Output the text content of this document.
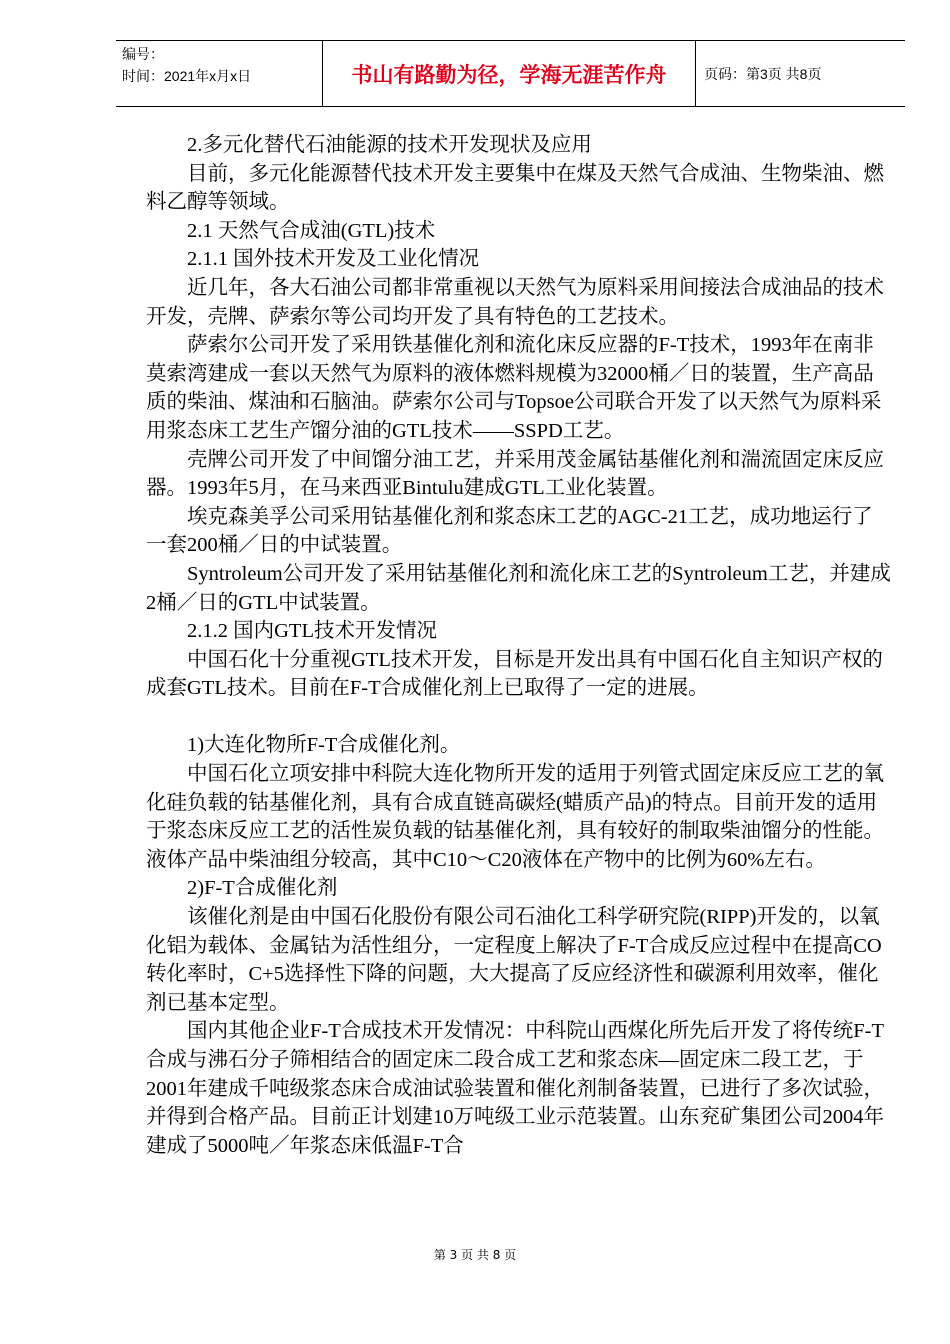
编号：
时间：2021年x月x日	书山有路勤为径，学海无涯苦作舟	页码：第3页 共8页

2.多元化替代石油能源的技术开发现状及应用

目前，多元化能源替代技术开发主要集中在煤及天然气合成油、生物柴油、燃料乙醇等领域。

2.1 天然气合成油(GTL)技术

2.1.1 国外技术开发及工业化情况

近几年，各大石油公司都非常重视以天然气为原料采用间接法合成油品的技术开发，壳牌、萨索尔等公司均开发了具有特色的工艺技术。

萨索尔公司开发了采用铁基催化剂和流化床反应器的F-T技术，1993年在南非莫索湾建成一套以天然气为原料的液体燃料规模为32000桶／日的装置，生产高品质的柴油、煤油和石脑油。萨索尔公司与Topsoe公司联合开发了以天然气为原料采用浆态床工艺生产馏分油的GTL技术——SSPD工艺。

壳牌公司开发了中间馏分油工艺，并采用茂金属钴基催化剂和湍流固定床反应器。1993年5月，在马来西亚Bintulu建成GTL工业化装置。

埃克森美孚公司采用钴基催化剂和浆态床工艺的AGC-21工艺，成功地运行了一套200桶／日的中试装置。

Syntroleum公司开发了采用钴基催化剂和流化床工艺的Syntroleum工艺，并建成2桶／日的GTL中试装置。

2.1.2 国内GTL技术开发情况

中国石化十分重视GTL技术开发，目标是开发出具有中国石化自主知识产权的成套GTL技术。目前在F-T合成催化剂上已取得了一定的进展。

1)大连化物所F-T合成催化剂。

中国石化立项安排中科院大连化物所开发的适用于列管式固定床反应工艺的氧化硅负载的钴基催化剂，具有合成直链高碳烃(蜡质产品)的特点。目前开发的适用于浆态床反应工艺的活性炭负载的钴基催化剂，具有较好的制取柴油馏分的性能。液体产品中柴油组分较高，其中C10～C20液体在产物中的比例为60%左右。

2)F-T合成催化剂

该催化剂是由中国石化股份有限公司石油化工科学研究院(RIPP)开发的，以氧化铝为载体、金属钴为活性组分，一定程度上解决了F-T合成反应过程中在提高CO转化率时，C+5选择性下降的问题，大大提高了反应经济性和碳源利用效率，催化剂已基本定型。

国内其他企业F-T合成技术开发情况：中科院山西煤化所先后开发了将传统F-T合成与沸石分子筛相结合的固定床二段合成工艺和浆态床—固定床二段工艺，于2001年建成千吨级浆态床合成油试验装置和催化剂制备装置，已进行了多次试验，并得到合格产品。目前正计划建10万吨级工业示范装置。山东兖矿集团公司2004年建成了5000吨／年浆态床低温F-T合

第 3 页 共 8 页
